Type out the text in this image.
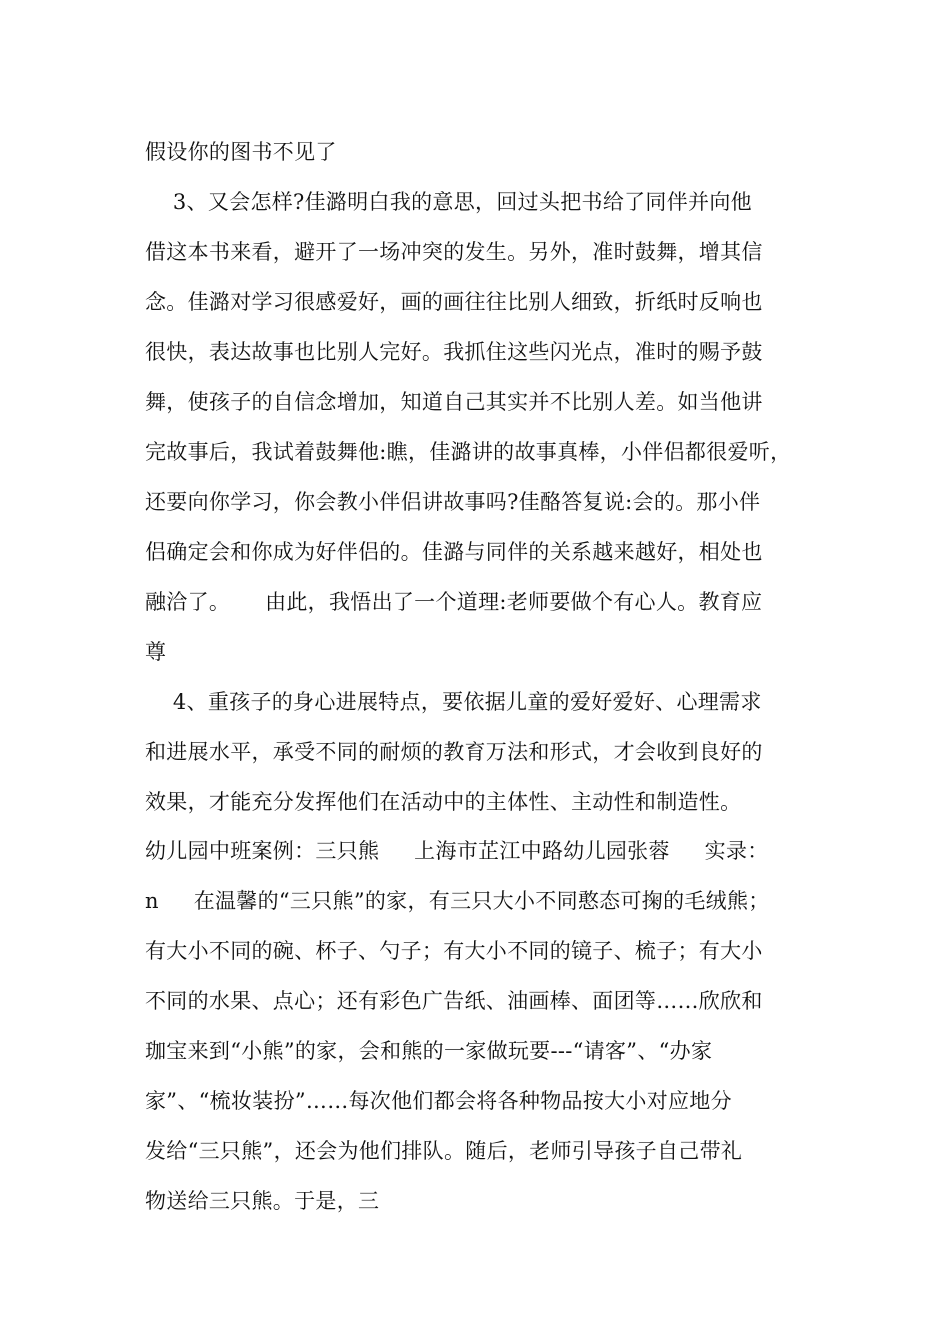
假设你的图书不见了
3、又会怎样?佳潞明白我的意思，回过头把书给了同伴并向他
借这本书来看，避开了一场冲突的发生。另外，准时鼓舞，增其信
念。佳潞对学习很感爱好，画的画往往比别人细致，折纸时反响也
很快，表达故事也比别人完好。我抓住这些闪光点，准时的赐予鼓
舞，使孩子的自信念增加，知道自己其实并不比别人差。如当他讲
完故事后，我试着鼓舞他:瞧，佳潞讲的故事真棒，小伴侣都很爱听，
还要向你学习，你会教小伴侣讲故事吗?佳酪答复说:会的。那小伴
侣确定会和你成为好伴侣的。佳潞与同伴的关系越来越好，相处也
融洽了。     由此，我悟出了一个道理:老师要做个有心人。教育应
尊
4、重孩子的身心进展特点，要依据儿童的爱好爱好、心理需求
和进展水平，承受不同的耐烦的教育万法和形式，才会收到良好的
效果，才能充分发挥他们在活动中的主体性、主动性和制造性。
幼儿园中班案例：三只熊     上海市芷江中路幼儿园张蓉     实录：
n     在温馨的“三只熊”的家，有三只大小不同憨态可掬的毛绒熊；
有大小不同的碗、杯子、勺子；有大小不同的镜子、梳子；有大小
不同的水果、点心；还有彩色广告纸、油画棒、面团等……欣欣和
珈宝来到“小熊”的家，会和熊的一家做玩要---“请客”、“办家
家”、“梳妆装扮”……每次他们都会将各种物品按大小对应地分
发给“三只熊”，还会为他们排队。随后，老师引导孩子自己带礼
物送给三只熊。于是，三
